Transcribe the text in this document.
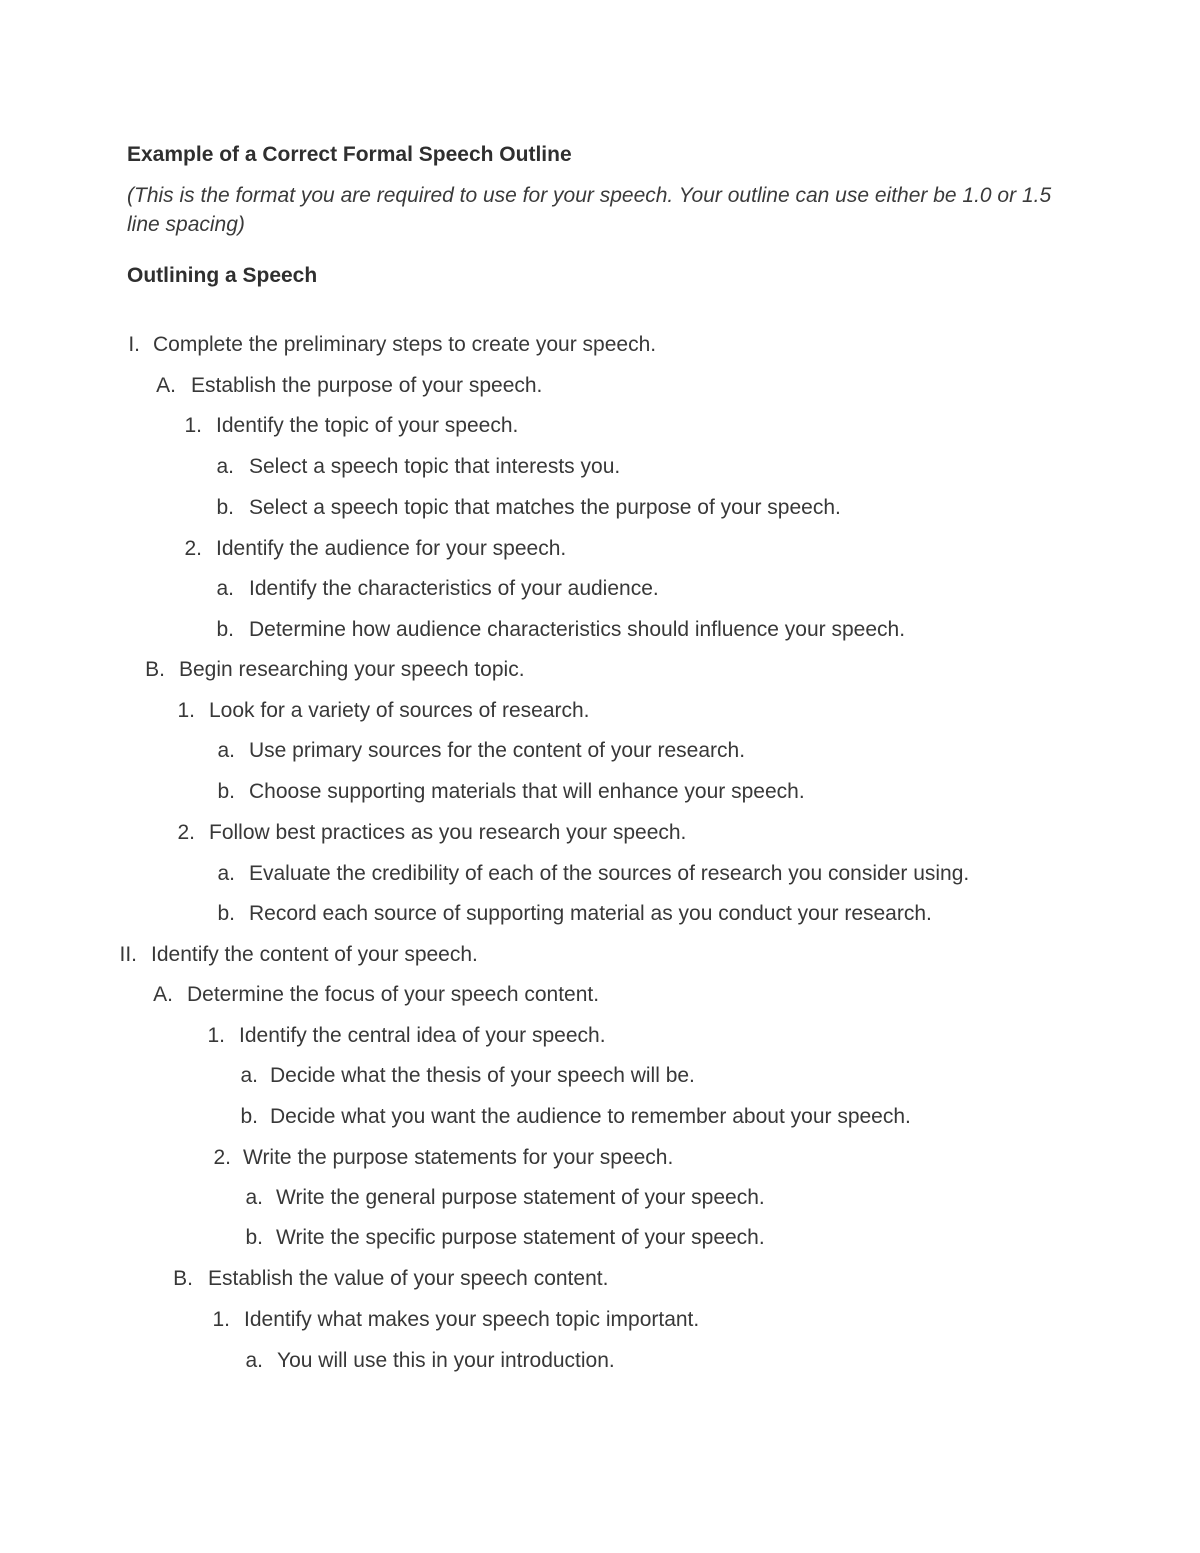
Example of a Correct Formal Speech Outline
(This is the format you are required to use for your speech. Your outline can use either be 1.0 or 1.5 line spacing)
Outlining a Speech
I. Complete the preliminary steps to create your speech.
A. Establish the purpose of your speech.
1. Identify the topic of your speech.
a. Select a speech topic that interests you.
b. Select a speech topic that matches the purpose of your speech.
2. Identify the audience for your speech.
a. Identify the characteristics of your audience.
b. Determine how audience characteristics should influence your speech.
B. Begin researching your speech topic.
1. Look for a variety of sources of research.
a. Use primary sources for the content of your research.
b. Choose supporting materials that will enhance your speech.
2. Follow best practices as you research your speech.
a. Evaluate the credibility of each of the sources of research you consider using.
b. Record each source of supporting material as you conduct your research.
II. Identify the content of your speech.
A. Determine the focus of your speech content.
1. Identify the central idea of your speech.
a. Decide what the thesis of your speech will be.
b. Decide what you want the audience to remember about your speech.
2. Write the purpose statements for your speech.
a. Write the general purpose statement of your speech.
b. Write the specific purpose statement of your speech.
B. Establish the value of your speech content.
1. Identify what makes your speech topic important.
a. You will use this in your introduction.
